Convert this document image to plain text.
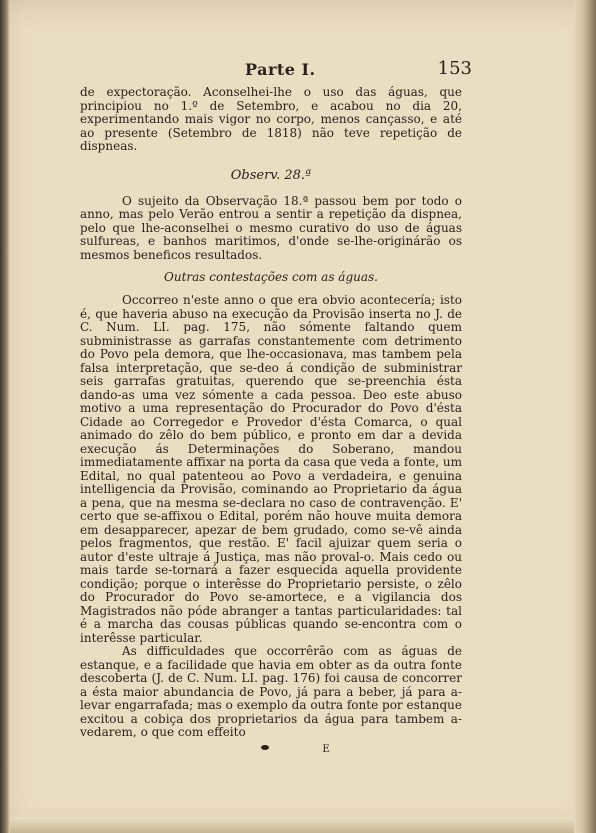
Parte I.	153

de expectoração. Aconselhei-lhe o uso das águas, que principiou no 1.º de Setembro, e acabou no dia 20, experimentando mais vigor no corpo, menos cançasso, e até ao presente (Setembro de 1818) não teve repetição de dispneas.

Observ. 28.ª

O sujeito da Observação 18.ª passou bem por todo o anno, mas pelo Verão entrou a sentir a repetição da dispnea, pelo que lhe-aconselhei o mesmo curativo do uso de águas sulfureas, e banhos maritimos, d'onde se-lhe-originárão os mesmos beneficos resultados.

Outras contestações com as águas.

Occorreo n'este anno o que era obvio acontecería; isto é, que haveria abuso na execução da Provisão inserta no J. de C. Num. LI. pag. 175, não sómente faltando quem subministrasse as garrafas constantemente com detrimento do Povo pela demora, que lhe-occasionava, mas tambem pela falsa interpretação, que se-deo á condição de subministrar seis garrafas gratuitas, querendo que se-preenchia ésta dando-as uma vez sómente a cada pessoa. Deo este abuso motivo a uma representação do Procurador do Povo d'ésta Cidade ao Corregedor e Provedor d'ésta Comarca, o qual animado do zêlo do bem público, e pronto em dar a devida execução ás Determinações do Soberano, mandou immediatamente affixar na porta da casa que veda a fonte, um Edital, no qual patenteou ao Povo a verdadeira, e genuina intelligencia da Provisão, cominando ao Proprietario da água a pena, que na mesma se-declara no caso de contravenção. E' certo que se-affixou o Edital, porém não houve muita demora em desapparecer, apezar de bem grudado, como se-vê ainda pelos fragmentos, que restão. E' facil ajuizar quem seria o autor d'este ultraje á Justiça, mas não proval-o. Mais cedo ou mais tarde se-tornará a fazer esquecida aquella providente condição; porque o interêsse do Proprietario persiste, o zêlo do Procurador do Povo se-amortece, e a vigilancia dos Magistrados não póde abranger a tantas particularidades: tal é a marcha das cousas públicas quando se-encontra com o interêsse particular.

As difficuldades que occorrêrão com as águas de estanque, e a facilidade que havia em obter as da outra fonte descoberta (J. de C. Num. LI. pag. 176) foi causa de concorrer a ésta maior abundancia de Povo, já para a beber, já para a-levar engarrafada; mas o exemplo da outra fonte por estanque excitou a cobiça dos proprietarios da água para tambem a-vedarem, o que com effeito

E
